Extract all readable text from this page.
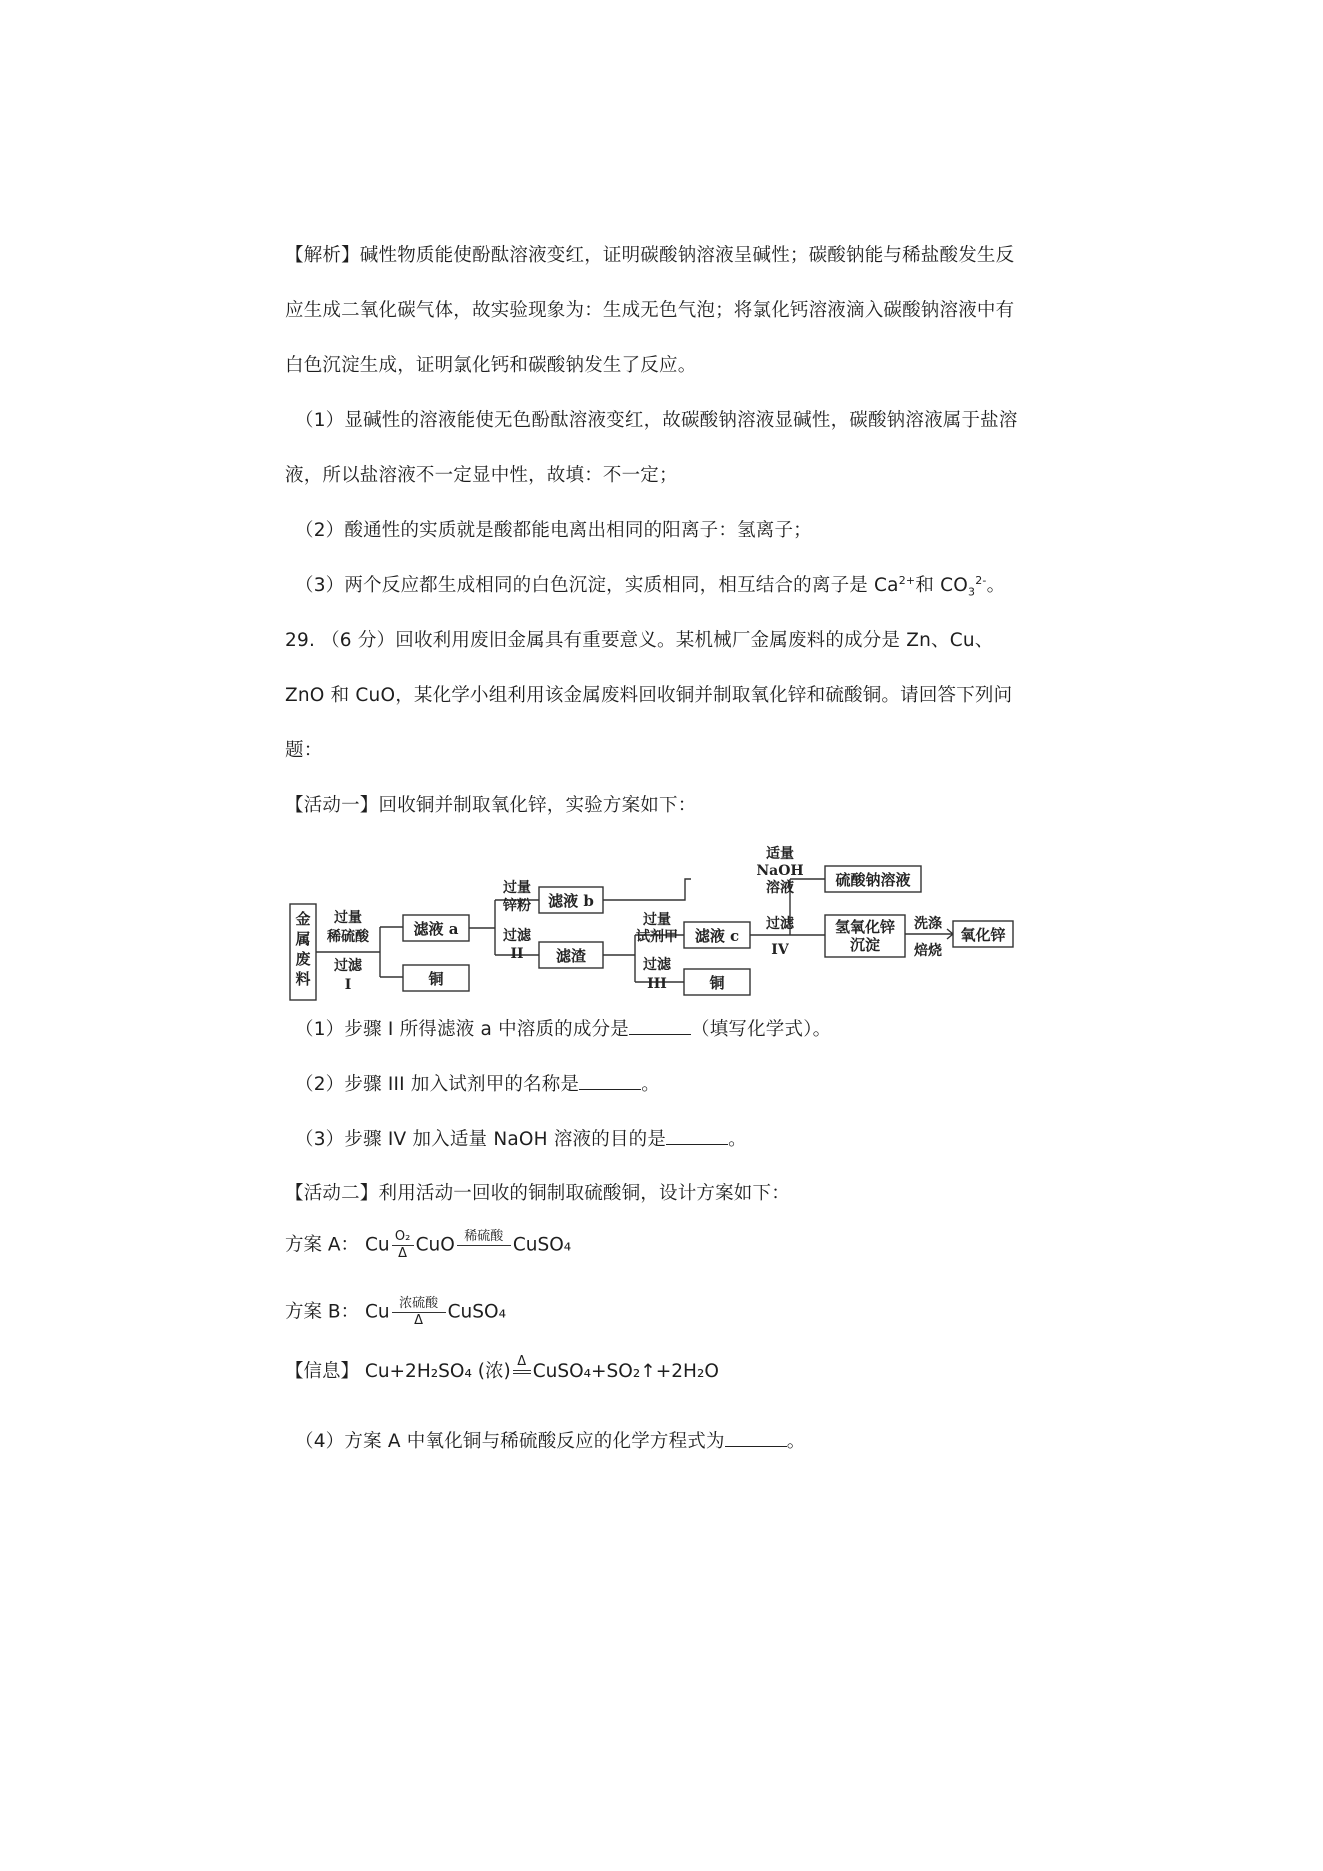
【解析】碱性物质能使酚酞溶液变红，证明碳酸钠溶液呈碱性；碳酸钠能与稀盐酸发生反
应生成二氧化碳气体，故实验现象为：生成无色气泡；将氯化钙溶液滴入碳酸钠溶液中有
白色沉淀生成，证明氯化钙和碳酸钠发生了反应。
（1）显碱性的溶液能使无色酚酞溶液变红，故碳酸钠溶液显碱性，碳酸钠溶液属于盐溶
液，所以盐溶液不一定显中性，故填：不一定；
（2）酸通性的实质就是酸都能电离出相同的阳离子：氢离子；
（3）两个反应都生成相同的白色沉淀，实质相同，相互结合的离子是 $Ca^{2+}$和 $CO_3^{2-}$。
29. （6 分）回收利用废旧金属具有重要意义。某机械厂金属废料的成分是 Zn、Cu、
ZnO 和 CuO，某化学小组利用该金属废料回收铜并制取氧化锌和硫酸铜。请回答下列问
题：
【活动一】回收铜并制取氧化锌，实验方案如下：
金
属
废
料
过量
稀硫酸
过滤
I
滤液 a
铜
过量
锌粉
过滤
II
滤液 b
滤渣
过量
试剂甲
过滤
III
滤液 c
铜
适量
NaOH
溶液
过滤
IV
硫酸钠溶液
氢氧化锌
沉淀
洗涤
焙烧
氧化锌
（1）步骤 I 所得滤液 a 中溶质的成分是	（填写化学式）。
（2）步骤 III 加入试剂甲的名称是	。
（3）步骤 IV 加入适量 NaOH 溶液的目的是	。
【活动二】利用活动一回收的铜制取硫酸铜，设计方案如下：
方案 A： Cu $\frac{\text{O₂}}{\Delta}$ CuO 稀硫酸
CuSO₄
方案 B： Cu 浓硫酸
Δ	CuSO₄
【信息】 Cu+2H₂SO₄ (浓) Δ
CuSO₄+SO₂↑+2H₂O
（4）方案 A 中氧化铜与稀硫酸反应的化学方程式为	。
